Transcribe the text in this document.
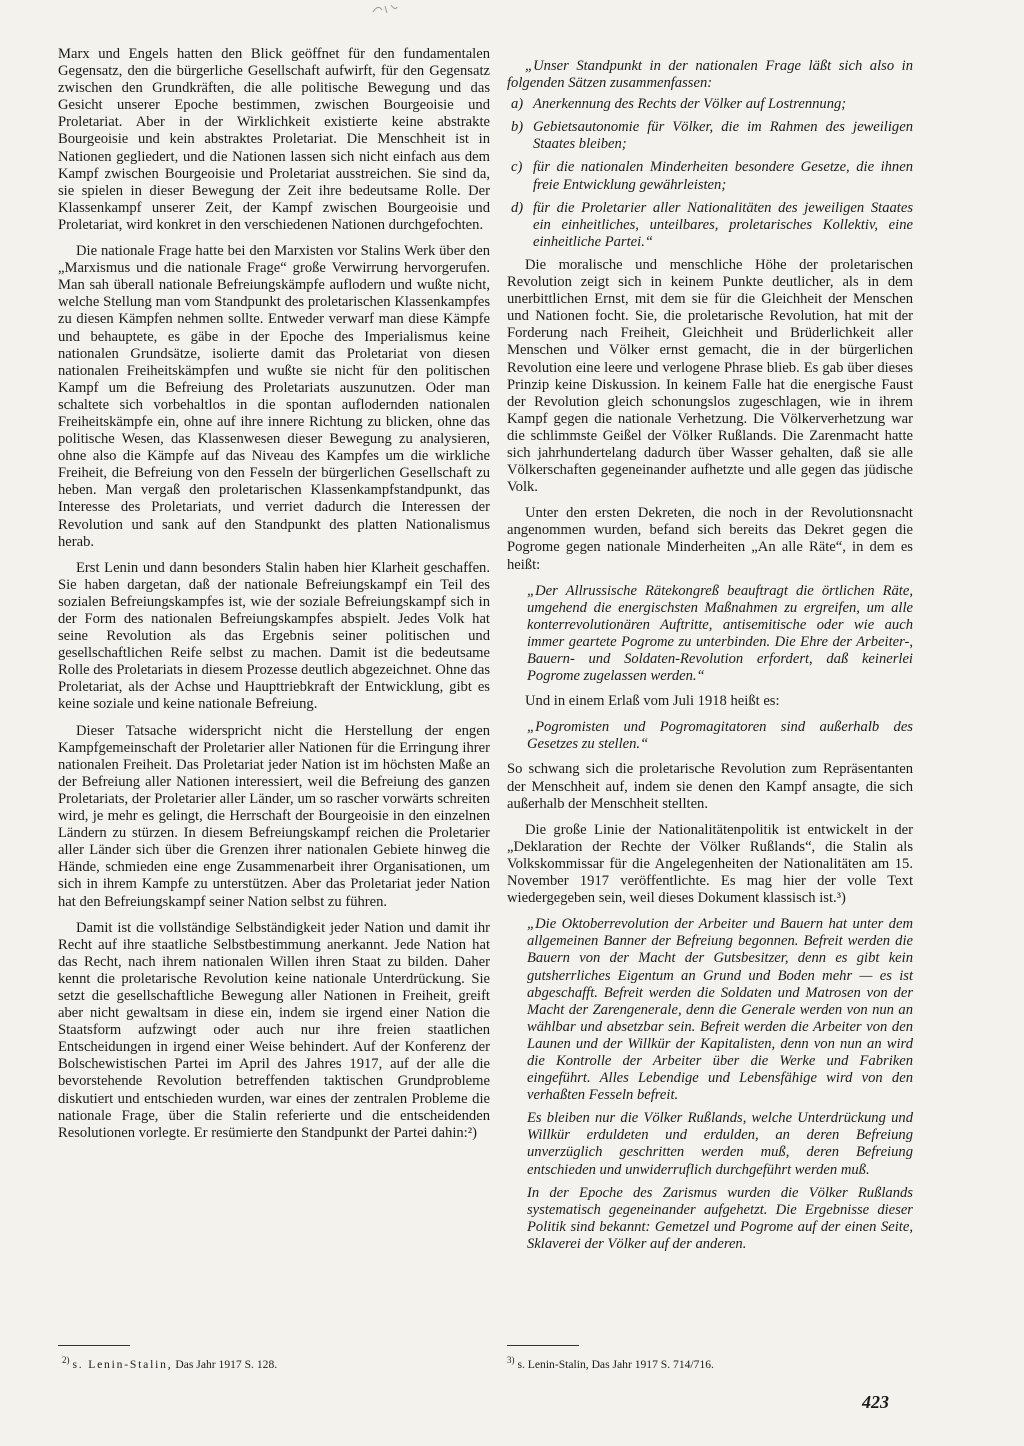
Marx und Engels hatten den Blick geöffnet für den fundamentalen Gegensatz, den die bürgerliche Gesellschaft aufwirft, für den Gegensatz zwischen den Grundkräften, die alle politische Bewegung und das Gesicht unserer Epoche bestimmen, zwischen Bourgeoisie und Proletariat. Aber in der Wirklichkeit existierte keine abstrakte Bourgeoisie und kein abstraktes Proletariat. Die Menschheit ist in Nationen gegliedert, und die Nationen lassen sich nicht einfach aus dem Kampf zwischen Bourgeoisie und Proletariat ausstreichen. Sie sind da, sie spielen in dieser Bewegung der Zeit ihre bedeutsame Rolle. Der Klassenkampf unserer Zeit, der Kampf zwischen Bourgeoisie und Proletariat, wird konkret in den verschiedenen Nationen durchgefochten.

Die nationale Frage hatte bei den Marxisten vor Stalins Werk über den „Marxismus und die nationale Frage“ große Verwirrung hervorgerufen. Man sah überall nationale Befreiungskämpfe auflodern und wußte nicht, welche Stellung man vom Standpunkt des proletarischen Klassenkampfes zu diesen Kämpfen nehmen sollte. Entweder verwarf man diese Kämpfe und behauptete, es gäbe in der Epoche des Imperialismus keine nationalen Grundsätze, isolierte damit das Proletariat von diesen nationalen Freiheitskämpfen und wußte sie nicht für den politischen Kampf um die Befreiung des Proletariats auszunutzen. Oder man schaltete sich vorbehaltlos in die spontan auflodernden nationalen Freiheitskämpfe ein, ohne auf ihre innere Richtung zu blicken, ohne das politische Wesen, das Klassenwesen dieser Bewegung zu analysieren, ohne also die Kämpfe auf das Niveau des Kampfes um die wirkliche Freiheit, die Befreiung von den Fesseln der bürgerlichen Gesellschaft zu heben. Man vergaß den proletarischen Klassenkampfstandpunkt, das Interesse des Proletariats, und verriet dadurch die Interessen der Revolution und sank auf den Standpunkt des platten Nationalismus herab.

Erst Lenin und dann besonders Stalin haben hier Klarheit geschaffen. Sie haben dargetan, daß der nationale Befreiungskampf ein Teil des sozialen Befreiungskampfes ist, wie der soziale Befreiungskampf sich in der Form des nationalen Befreiungskampfes abspielt. Jedes Volk hat seine Revolution als das Ergebnis seiner politischen und gesellschaftlichen Reife selbst zu machen. Damit ist die bedeutsame Rolle des Proletariats in diesem Prozesse deutlich abgezeichnet. Ohne das Proletariat, als der Achse und Haupttriebkraft der Entwicklung, gibt es keine soziale und keine nationale Befreiung.

Dieser Tatsache widerspricht nicht die Herstellung der engen Kampfgemeinschaft der Proletarier aller Nationen für die Erringung ihrer nationalen Freiheit. Das Proletariat jeder Nation ist im höchsten Maße an der Befreiung aller Nationen interessiert, weil die Befreiung des ganzen Proletariats, der Proletarier aller Länder, um so rascher vorwärts schreiten wird, je mehr es gelingt, die Herrschaft der Bourgeoisie in den einzelnen Ländern zu stürzen. In diesem Befreiungskampf reichen die Proletarier aller Länder sich über die Grenzen ihrer nationalen Gebiete hinweg die Hände, schmieden eine enge Zusammenarbeit ihrer Organisationen, um sich in ihrem Kampfe zu unterstützen. Aber das Proletariat jeder Nation hat den Befreiungskampf seiner Nation selbst zu führen.

Damit ist die vollständige Selbständigkeit jeder Nation und damit ihr Recht auf ihre staatliche Selbstbestimmung anerkannt. Jede Nation hat das Recht, nach ihrem nationalen Willen ihren Staat zu bilden. Daher kennt die proletarische Revolution keine nationale Unterdrückung. Sie setzt die gesellschaftliche Bewegung aller Nationen in Freiheit, greift aber nicht gewaltsam in diese ein, indem sie irgend einer Nation die Staatsform aufzwingt oder auch nur ihre freien staatlichen Entscheidungen in irgend einer Weise behindert. Auf der Konferenz der Bolschewistischen Partei im April des Jahres 1917, auf der alle die bevorstehende Revolution betreffenden taktischen Grundprobleme diskutiert und entschieden wurden, war eines der zentralen Probleme die nationale Frage, über die Stalin referierte und die entscheidenden Resolutionen vorlegte. Er resümierte den Standpunkt der Partei dahin:²)

„Unser Standpunkt in der nationalen Frage läßt sich also in folgenden Sätzen zusammenfassen:
a) Anerkennung des Rechts der Völker auf Lostrennung;
b) Gebietsautonomie für Völker, die im Rahmen des jeweiligen Staates bleiben;
c) für die nationalen Minderheiten besondere Gesetze, die ihnen freie Entwicklung gewährleisten;
d) für die Proletarier aller Nationalitäten des jeweiligen Staates ein einheitliches, unteilbares, proletarisches Kollektiv, eine einheitliche Partei.“

Die moralische und menschliche Höhe der proletarischen Revolution zeigt sich in keinem Punkte deutlicher, als in dem unerbittlichen Ernst, mit dem sie für die Gleichheit der Menschen und Nationen focht. Sie, die proletarische Revolution, hat mit der Forderung nach Freiheit, Gleichheit und Brüderlichkeit aller Menschen und Völker ernst gemacht, die in der bürgerlichen Revolution eine leere und verlogene Phrase blieb. Es gab über dieses Prinzip keine Diskussion. In keinem Falle hat die energische Faust der Revolution gleich schonungslos zugeschlagen, wie in ihrem Kampf gegen die nationale Verhetzung. Die Völkerverhetzung war die schlimmste Geißel der Völker Rußlands. Die Zarenmacht hatte sich jahrhundertelang dadurch über Wasser gehalten, daß sie alle Völkerschaften gegeneinander aufhetzte und alle gegen das jüdische Volk.

Unter den ersten Dekreten, die noch in der Revolutionsnacht angenommen wurden, befand sich bereits das Dekret gegen die Pogrome gegen nationale Minderheiten „An alle Räte“, in dem es heißt:

„Der Allrussische Rätekongreß beauftragt die örtlichen Räte, umgehend die energischsten Maßnahmen zu ergreifen, um alle konterrevolutionären Auftritte, antisemitische oder wie auch immer geartete Pogrome zu unterbinden. Die Ehre der Arbeiter-, Bauern- und Soldaten-Revolution erfordert, daß keinerlei Pogrome zugelassen werden.“

Und in einem Erlaß vom Juli 1918 heißt es:

„Pogromisten und Pogromagitatoren sind außerhalb des Gesetzes zu stellen.“

So schwang sich die proletarische Revolution zum Repräsentanten der Menschheit auf, indem sie denen den Kampf ansagte, die sich außerhalb der Menschheit stellten.

Die große Linie der Nationalitätenpolitik ist entwickelt in der „Deklaration der Rechte der Völker Rußlands“, die Stalin als Volkskommissar für die Angelegenheiten der Nationalitäten am 15. November 1917 veröffentlichte. Es mag hier der volle Text wiedergegeben sein, weil dieses Dokument klassisch ist.³)

„Die Oktoberrevolution der Arbeiter und Bauern hat unter dem allgemeinen Banner der Befreiung begonnen. Befreit werden die Bauern von der Macht der Gutsbesitzer, denn es gibt kein gutsherrliches Eigentum an Grund und Boden mehr — es ist abgeschafft. Befreit werden die Soldaten und Matrosen von der Macht der Zarengenerale, denn die Generale werden von nun an wählbar und absetzbar sein. Befreit werden die Arbeiter von den Launen und der Willkür der Kapitalisten, denn von nun an wird die Kontrolle der Arbeiter über die Werke und Fabriken eingeführt. Alles Lebendige und Lebensfähige wird von den verhaßten Fesseln befreit.

Es bleiben nur die Völker Rußlands, welche Unterdrückung und Willkür erduldeten und erdulden, an deren Befreiung unverzüglich geschritten werden muß, deren Befreiung entschieden und unwiderruflich durchgeführt werden muß.

In der Epoche des Zarismus wurden die Völker Rußlands systematisch gegeneinander aufgehetzt. Die Ergebnisse dieser Politik sind bekannt: Gemetzel und Pogrome auf der einen Seite, Sklaverei der Völker auf der anderen.

$^{2)}$ s. Lenin-Stalin, Das Jahr 1917 S. 128.	$^{3)}$ s. Lenin-Stalin, Das Jahr 1917 S. 714/716.
423
